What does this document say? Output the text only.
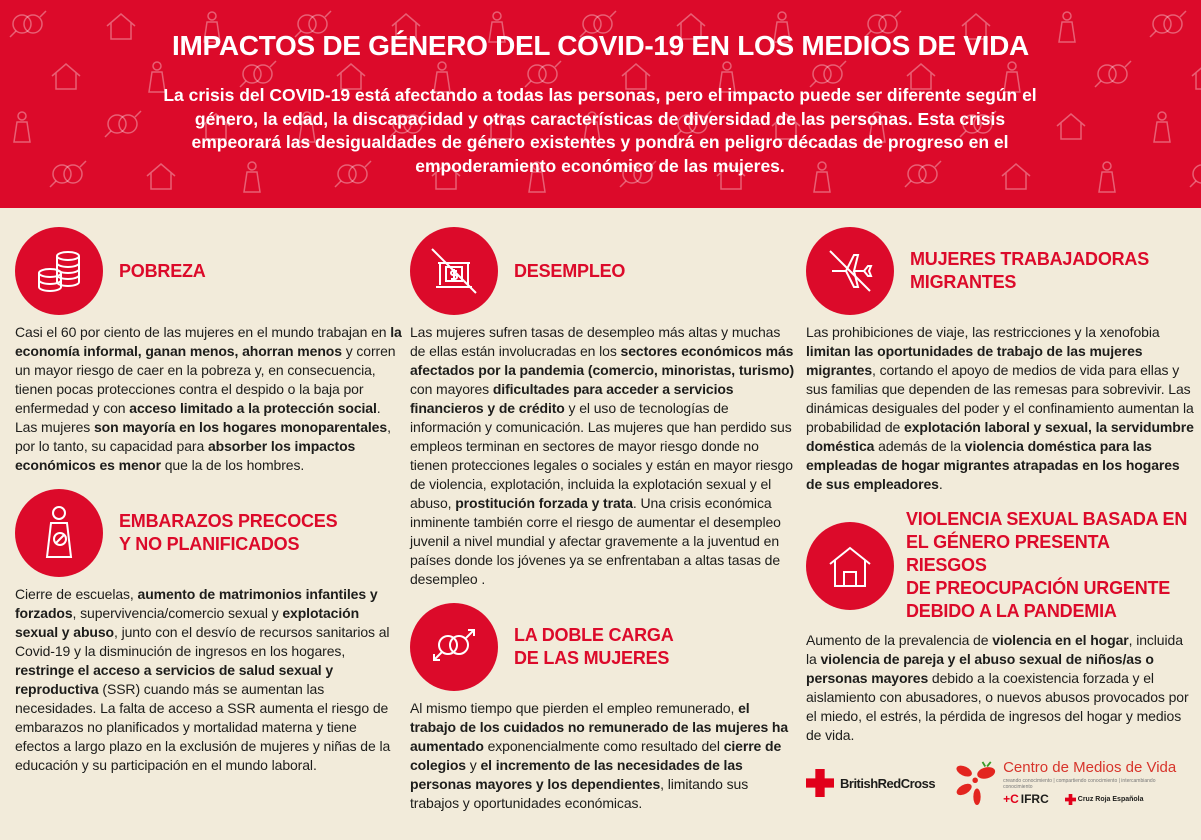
IMPACTOS DE GÉNERO DEL COVID-19 EN LOS MEDIOS DE VIDA

La crisis del COVID-19 está afectando a todas las personas, pero el impacto puede ser diferente según el género, la edad, la discapacidad y otras características de diversidad de las personas. Esta crisis empeorará las desigualdades de género existentes y pondrá en peligro décadas de progreso en el empoderamiento económico de las mujeres.

POBREZA

Casi el 60 por ciento de las mujeres en el mundo trabajan en la economía informal, ganan menos, ahorran menos y corren un mayor riesgo de caer en la pobreza y, en consecuencia, tienen pocas protecciones contra el despido o la baja por enfermedad y con acceso limitado a la protección social. Las mujeres son mayoría en los hogares monoparentales, por lo tanto, su capacidad para absorber los impactos económicos es menor que la de los hombres.

EMBARAZOS PRECOCES
Y NO PLANIFICADOS

Cierre de escuelas, aumento de matrimonios infantiles y forzados, supervivencia/comercio sexual y explotación sexual y abuso, junto con el desvío de recursos sanitarios al Covid-19 y la disminución de ingresos en los hogares, restringe el acceso a servicios de salud sexual y reproductiva (SSR) cuando más se aumentan las necesidades. La falta de acceso a SSR aumenta el riesgo de embarazos no planificados y mortalidad materna y tiene efectos a largo plazo en la exclusión de mujeres y niñas de la educación y su participación en el mundo laboral.

DESEMPLEO

Las mujeres sufren tasas de desempleo más altas y muchas de ellas están involucradas en los sectores económicos más afectados por la pandemia (comercio, minoristas, turismo) con mayores dificultades para acceder a servicios financieros y de crédito y el uso de tecnologías de información y comunicación. Las mujeres que han perdido sus empleos terminan en sectores de mayor riesgo donde no tienen protecciones legales o sociales y están en mayor riesgo de violencia, explotación, incluida la explotación sexual y el abuso, prostitución forzada y trata. Una crisis económica inminente también corre el riesgo de aumentar el desempleo juvenil a nivel mundial y afectar gravemente a la juventud en países donde los jóvenes ya se enfrentaban a altas tasas de desempleo .

LA DOBLE CARGA
DE LAS MUJERES

Al mismo tiempo que pierden el empleo remunerado, el trabajo de los cuidados no remunerado de las mujeres ha aumentado exponencialmente como resultado del cierre de colegios y el incremento de las necesidades de las personas mayores y los dependientes, limitando sus trabajos y oportunidades económicas.

MUJERES TRABAJADORAS
MIGRANTES

Las prohibiciones de viaje, las restricciones y la xenofobia limitan las oportunidades de trabajo de las mujeres migrantes, cortando el apoyo de medios de vida para ellas y sus familias que dependen de las remesas para sobrevivir. Las dinámicas desiguales del poder y el confinamiento aumentan la probabilidad de explotación laboral y sexual, la servidumbre doméstica además de la violencia doméstica para las empleadas de hogar migrantes atrapadas en los hogares de sus empleadores.

VIOLENCIA SEXUAL BASADA EN
EL GÉNERO PRESENTA RIESGOS
DE PREOCUPACIÓN URGENTE
DEBIDO A LA PANDEMIA

Aumento de la prevalencia de violencia en el hogar, incluida la violencia de pareja y el abuso sexual de niños/as o personas mayores debido a la coexistencia forzada y el aislamiento con abusadores, o nuevos abusos provocados por el miedo, el estrés, la pérdida de ingresos del hogar y medios de vida.

BritishRedCross
Centro de Medios de Vida
creando conocimiento | compartiendo conocimiento | intercambiando conocimiento
+C IFRC	Cruz Roja Española
